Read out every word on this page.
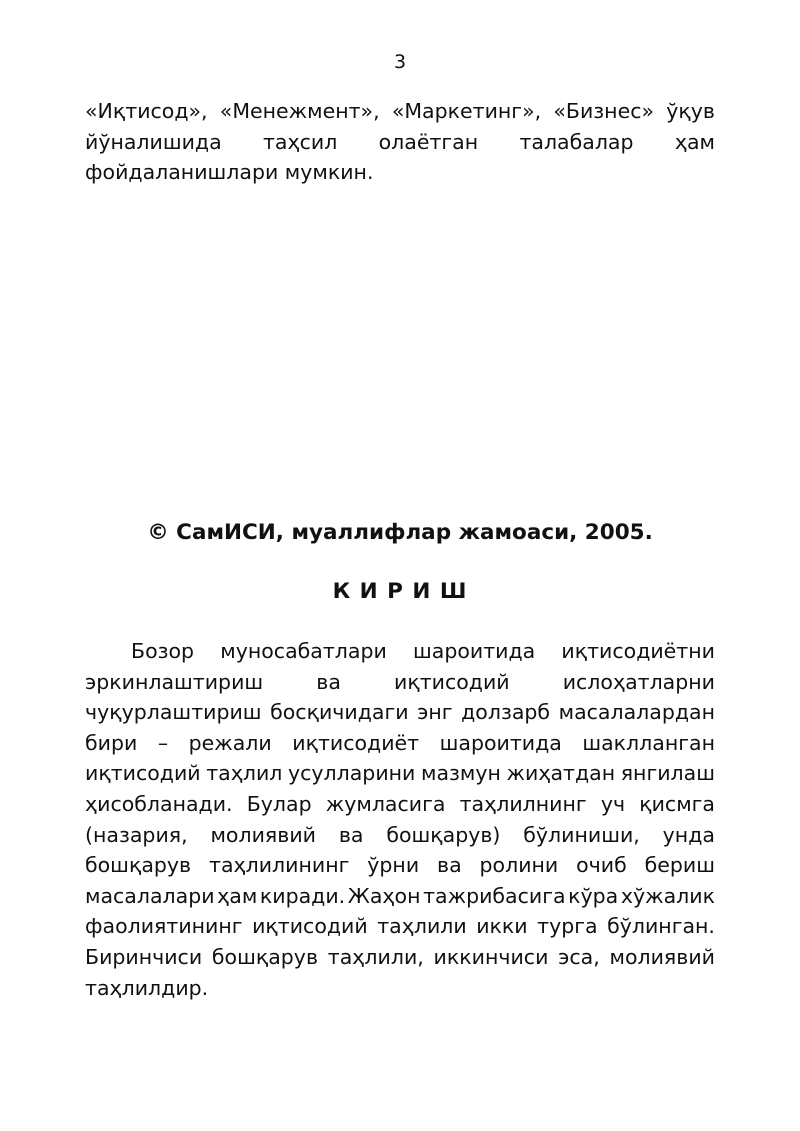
3
«Иқтисод», «Менежмент», «Маркетинг», «Бизнес» ўқув
йўналишида таҳсил олаётган талабалар ҳам
фойдаланишлари мумкин.
© СамИСИ, муаллифлар жамоаси, 2005.
К И Р И Ш
Бозор муносабатлари шароитида иқтисодиётни
эркинлаштириш	ва	иқтисодий	ислоҳатларни
чуқурлаштириш босқичидаги энг долзарб масалалардан
бири – режали иқтисодиёт шароитида шаклланган
иқтисодий таҳлил усулларини мазмун жиҳатдан янгилаш
ҳисобланади. Булар жумласига таҳлилнинг уч қисмга
(назария, молиявий ва бошқарув) бўлиниши, унда
бошқарув таҳлилининг ўрни ва ролини очиб бериш
масалалари ҳам киради. Жаҳон тажрибасига кўра хўжалик
фаолиятининг иқтисодий таҳлили икки турга бўлинган.
Биринчиси бошқарув таҳлили, иккинчиси эса, молиявий
таҳлилдир.
